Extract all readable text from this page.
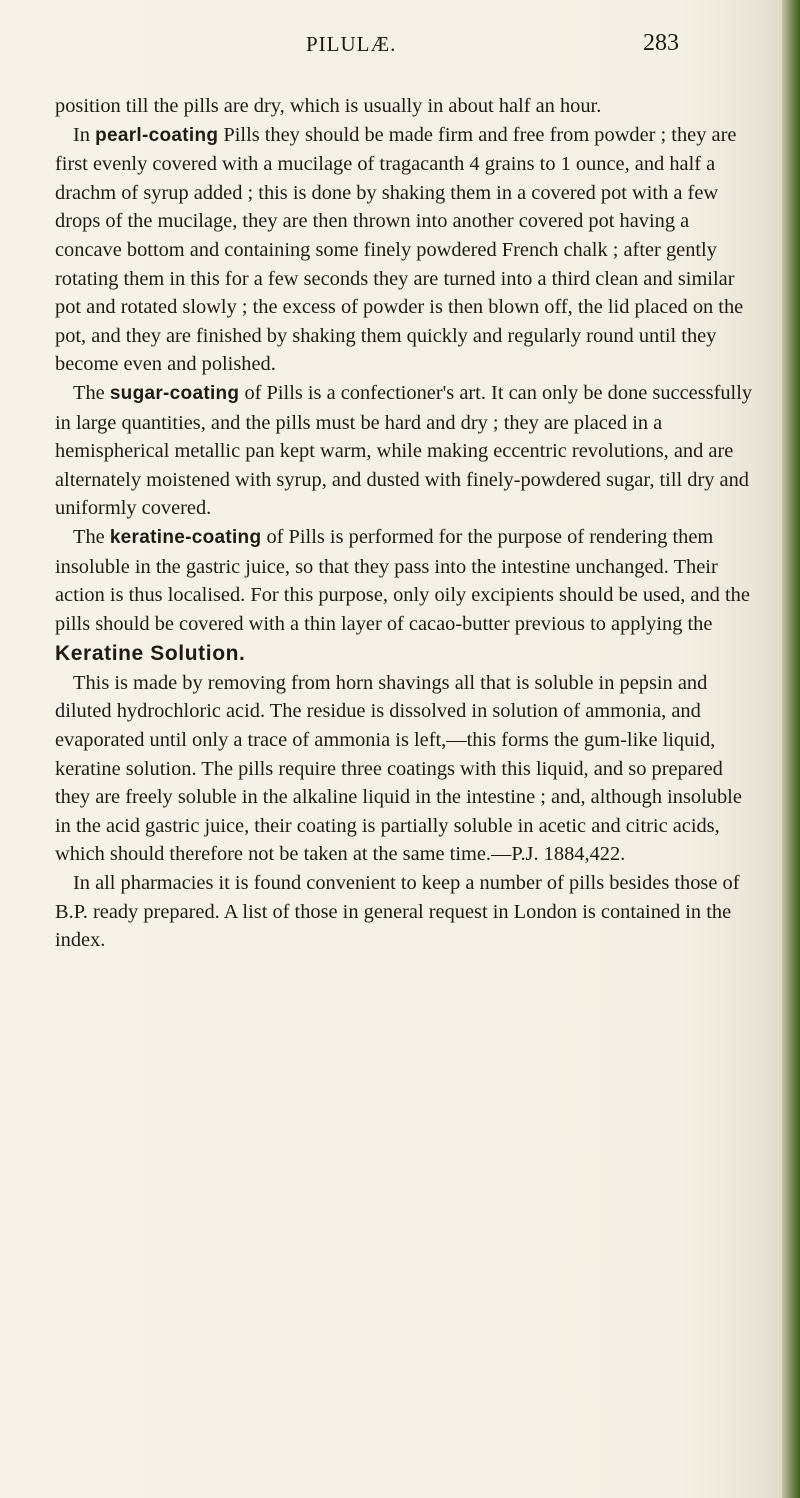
PILULÆ.	283

position till the pills are dry, which is usually in about half an hour.

In pearl-coating Pills they should be made firm and free from powder ; they are first evenly covered with a mucilage of tragacanth 4 grains to 1 ounce, and half a drachm of syrup added ; this is done by shaking them in a covered pot with a few drops of the mucilage, they are then thrown into another covered pot having a concave bottom and containing some finely powdered French chalk ; after gently rotating them in this for a few seconds they are turned into a third clean and similar pot and rotated slowly ; the excess of powder is then blown off, the lid placed on the pot, and they are finished by shaking them quickly and regularly round until they become even and polished.

The sugar-coating of Pills is a confectioner's art. It can only be done successfully in large quantities, and the pills must be hard and dry ; they are placed in a hemispherical metallic pan kept warm, while making eccentric revolutions, and are alternately moistened with syrup, and dusted with finely-powdered sugar, till dry and uniformly covered.

The keratine-coating of Pills is performed for the purpose of rendering them insoluble in the gastric juice, so that they pass into the intestine unchanged. Their action is thus localised. For this purpose, only oily excipients should be used, and the pills should be covered with a thin layer of cacao-butter previous to applying the

Keratine Solution.

This is made by removing from horn shavings all that is soluble in pepsin and diluted hydrochloric acid. The residue is dissolved in solution of ammonia, and evaporated until only a trace of ammonia is left,—this forms the gum-like liquid, keratine solution. The pills require three coatings with this liquid, and so prepared they are freely soluble in the alkaline liquid in the intestine ; and, although insoluble in the acid gastric juice, their coating is partially soluble in acetic and citric acids, which should therefore not be taken at the same time.—P.J. 1884,422.

In all pharmacies it is found convenient to keep a number of pills besides those of B.P. ready prepared. A list of those in general request in London is contained in the index.
